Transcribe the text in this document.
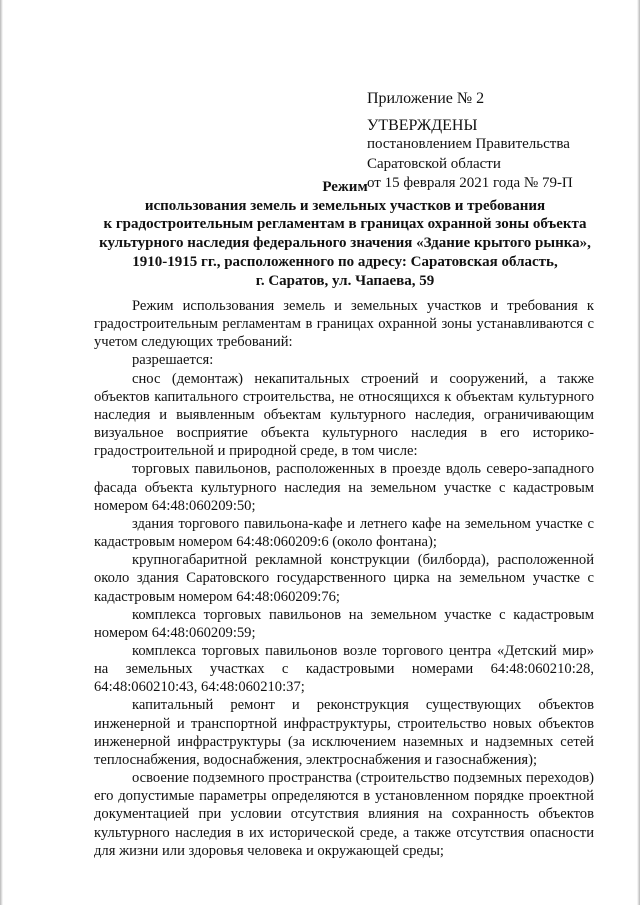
Приложение № 2
УТВЕРЖДЕНЫ
постановлением Правительства
Саратовской области
от 15 февраля 2021 года № 79-П
Режим
использования земель и земельных участков и требования
к градостроительным регламентам в границах охранной зоны объекта
культурного наследия федерального значения «Здание крытого рынка»,
1910-1915 гг., расположенного по адресу: Саратовская область,
г. Саратов, ул. Чапаева, 59

Режим использования земель и земельных участков и требования к градостроительным регламентам в границах охранной зоны устанавливаются с учетом следующих требований:

разрешается:

снос (демонтаж) некапитальных строений и сооружений, а также объектов капитального строительства, не относящихся к объектам культурного наследия и выявленным объектам культурного наследия, ограничивающим визуальное восприятие объекта культурного наследия в его историко-градостроительной и природной среде, в том числе:

торговых павильонов, расположенных в проезде вдоль северо-западного фасада объекта культурного наследия на земельном участке с кадастровым номером 64:48:060209:50;

здания торгового павильона-кафе и летнего кафе на земельном участке с кадастровым номером 64:48:060209:6 (около фонтана);

крупногабаритной рекламной конструкции (билборда), расположенной около здания Саратовского государственного цирка на земельном участке с кадастровым номером 64:48:060209:76;

комплекса торговых павильонов на земельном участке с кадастровым номером 64:48:060209:59;

комплекса торговых павильонов возле торгового центра «Детский мир» на земельных участках с кадастровыми номерами 64:48:060210:28, 64:48:060210:43, 64:48:060210:37;

капитальный ремонт и реконструкция существующих объектов инженерной и транспортной инфраструктуры, строительство новых объектов инженерной инфраструктуры (за исключением наземных и надземных сетей теплоснабжения, водоснабжения, электроснабжения и газоснабжения);

освоение подземного пространства (строительство подземных переходов) его допустимые параметры определяются в установленном порядке проектной документацией при условии отсутствия влияния на сохранность объектов культурного наследия в их исторической среде, а также отсутствия опасности для жизни или здоровья человека и окружающей среды;
